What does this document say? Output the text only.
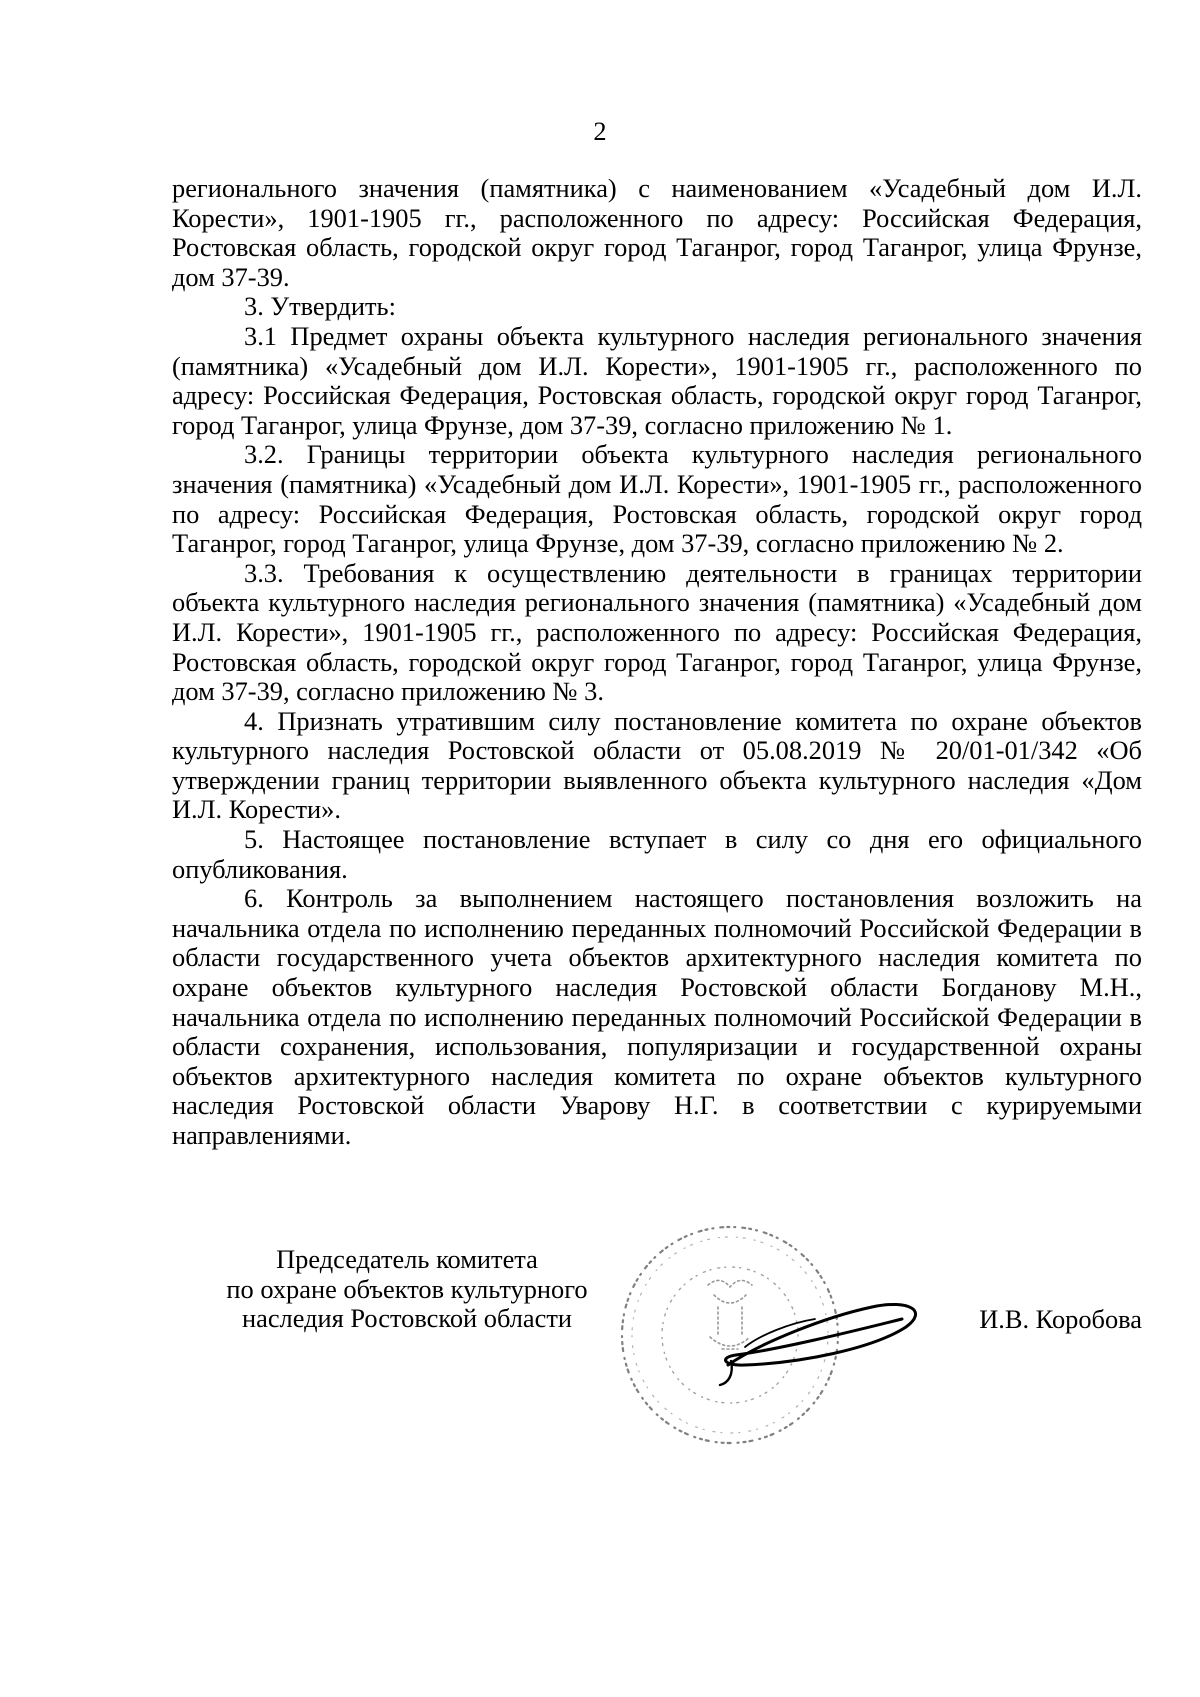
2

регионального значения (памятника) с наименованием «Усадебный дом И.Л. Корести», 1901-1905 гг., расположенного по адресу: Российская Федерация, Ростовская область, городской округ город Таганрог, город Таганрог, улица Фрунзе, дом 37-39.

3. Утвердить:

3.1 Предмет охраны объекта культурного наследия регионального значения (памятника) «Усадебный дом И.Л. Корести», 1901-1905 гг., расположенного по адресу: Российская Федерация, Ростовская область, городской округ город Таганрог, город Таганрог, улица Фрунзе, дом 37-39, согласно приложению № 1.

3.2. Границы территории объекта культурного наследия регионального значения (памятника) «Усадебный дом И.Л. Корести», 1901-1905 гг., расположенного по адресу: Российская Федерация, Ростовская область, городской округ город Таганрог, город Таганрог, улица Фрунзе, дом 37-39, согласно приложению № 2.

3.3. Требования к осуществлению деятельности в границах территории объекта культурного наследия регионального значения (памятника) «Усадебный дом И.Л. Корести», 1901-1905 гг., расположенного по адресу: Российская Федерация, Ростовская область, городской округ город Таганрог, город Таганрог, улица Фрунзе, дом 37-39, согласно приложению № 3.

4. Признать утратившим силу постановление комитета по охране объектов культурного наследия Ростовской области от 05.08.2019 № 20/01-01/342 «Об утверждении границ территории выявленного объекта культурного наследия «Дом И.Л. Корести».

5. Настоящее постановление вступает в силу со дня его официального опубликования.

6. Контроль за выполнением настоящего постановления возложить на начальника отдела по исполнению переданных полномочий Российской Федерации в области государственного учета объектов архитектурного наследия комитета по охране объектов культурного наследия Ростовской области Богданову М.Н., начальника отдела по исполнению переданных полномочий Российской Федерации в области сохранения, использования, популяризации и государственной охраны объектов архитектурного наследия комитета по охране объектов культурного наследия Ростовской области Уварову Н.Г. в соответствии с курируемыми направлениями.

Председатель комитета
по охране объектов культурного
наследия Ростовской области	И.В. Коробова
